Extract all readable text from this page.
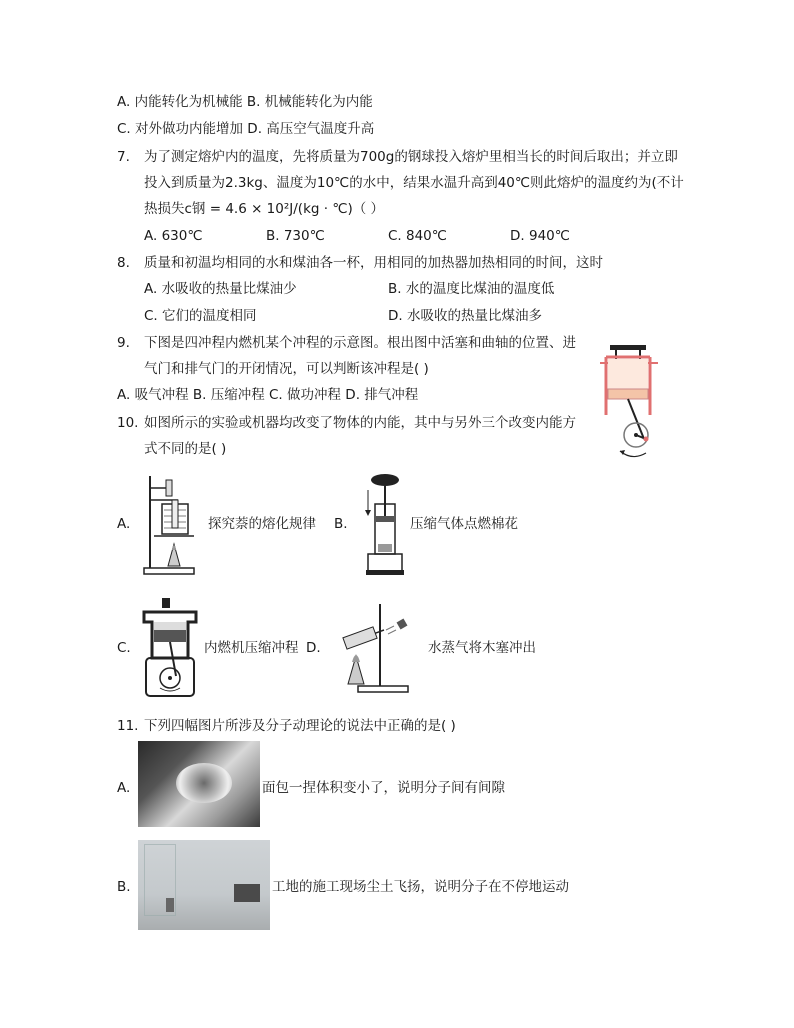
A. 内能转化为机械能 B. 机械能转化为内能
C. 对外做功内能增加 D. 高压空气温度升高
7. 为了测定熔炉内的温度，先将质量为700g的钢球投入熔炉里相当长的时间后取出；并立即
投入到质量为2.3kg、温度为10℃的水中，结果水温升高到40℃则此熔炉的温度约为(不计
热损失c钢 = 4.6 × 10²J/(kg · ℃)（ ）
A. 630℃	B. 730℃	C. 840℃	D. 940℃
8. 质量和初温均相同的水和煤油各一杯，用相同的加热器加热相同的时间，这时
A. 水吸收的热量比煤油少	B. 水的温度比煤油的温度低
C. 它们的温度相同	D. 水吸收的热量比煤油多
9. 下图是四冲程内燃机某个冲程的示意图。根出图中活塞和曲轴的位置、进
气门和排气门的开闭情况，可以判断该冲程是( )
A. 吸气冲程 B. 压缩冲程 C. 做功冲程 D. 排气冲程
10. 如图所示的实验或机器均改变了物体的内能，其中与另外三个改变内能方
式不同的是( )
A.	探究萘的熔化规律 B.	压缩气体点燃棉花
C.	内燃机压缩冲程 D.	水蒸气将木塞冲出
11. 下列四幅图片所涉及分子动理论的说法中正确的是( )
A.	面包一捏体积变小了，说明分子间有间隙
B.	工地的施工现场尘土飞扬，说明分子在不停地运动
